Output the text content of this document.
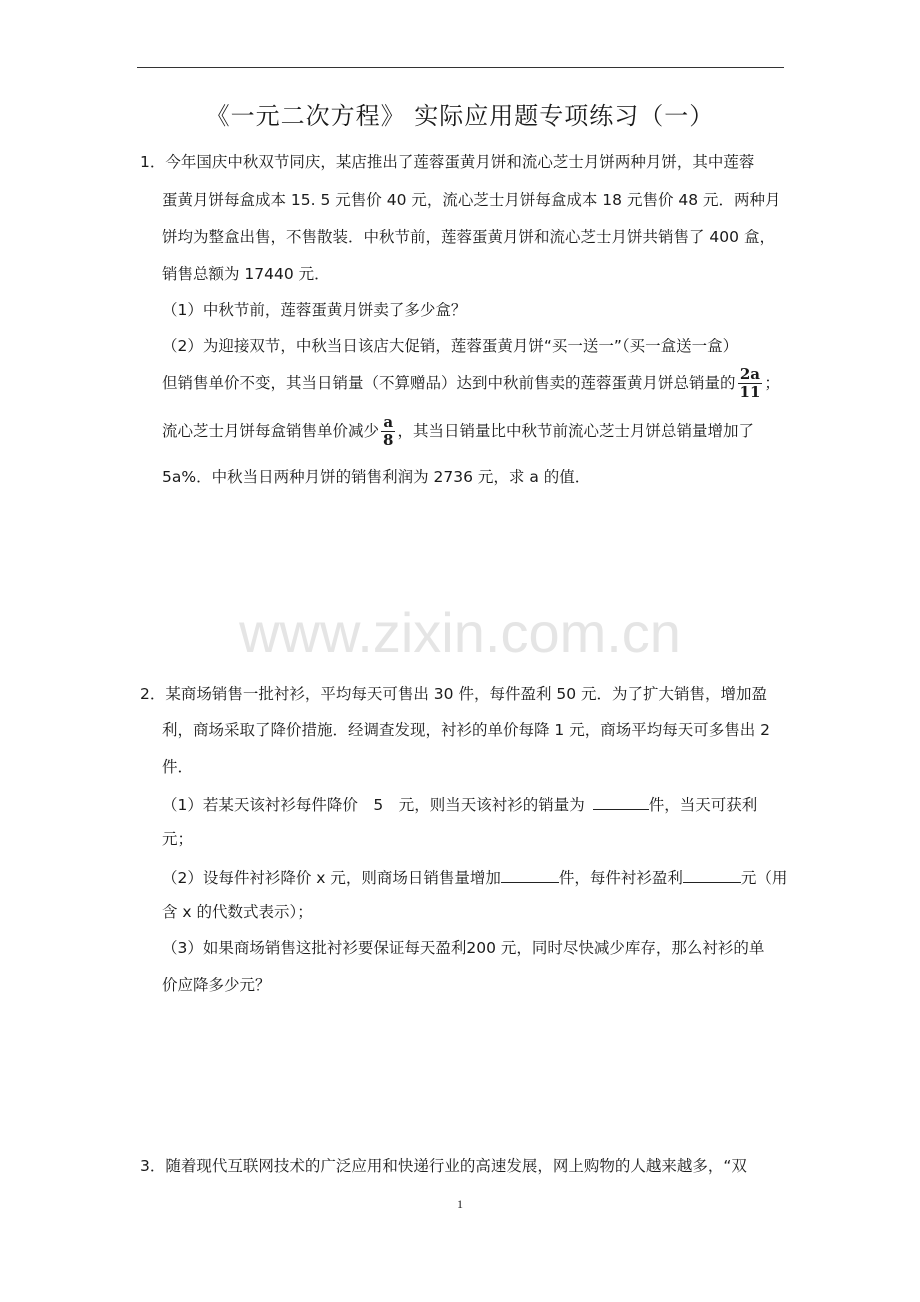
《一元二次方程》 实际应用题专项练习（一）
1．今年国庆中秋双节同庆，某店推出了莲蓉蛋黄月饼和流心芝士月饼两种月饼，其中莲蓉
蛋黄月饼每盒成本 15. 5 元售价 40 元，流心芝士月饼每盒成本 18 元售价 48 元．两种月
饼均为整盒出售，不售散装．中秋节前，莲蓉蛋黄月饼和流心芝士月饼共销售了 400 盒，
销售总额为 17440 元．
（1）中秋节前，莲蓉蛋黄月饼卖了多少盒？
（2）为迎接双节，中秋当日该店大促销，莲蓉蛋黄月饼“买一送一”（买一盒送一盒）
但销售单价不变，其当日销量（不算赠品）达到中秋前售卖的莲蓉蛋黄月饼总销量的 $\frac{2a}{11}$ ；
流心芝士月饼每盒销售单价减少 $\frac{a}{8}$ ，其当日销量比中秋节前流心芝士月饼总销量增加了
5a%．中秋当日两种月饼的销售利润为 2736 元，求 a 的值．
www.zixin.com.cn
2．某商场销售一批衬衫，平均每天可售出 30 件，每件盈利 50 元．为了扩大销售，增加盈
利，商场采取了降价措施．经调查发现，衬衫的单价每降 1 元，商场平均每天可多售出 2
件．
（1）若某天该衬衫每件降价　5　元，则当天该衬衫的销量为	件，当天可获利
元；
（2）设每件衬衫降价 x 元，则商场日销售量增加	件，每件衬衫盈利	元（用
含 x 的代数式表示）；
（3）如果商场销售这批衬衫要保证每天盈利200 元，同时尽快减少库存，那么衬衫的单
价应降多少元？
3．随着现代互联网技术的广泛应用和快递行业的高速发展，网上购物的人越来越多，“双
1
